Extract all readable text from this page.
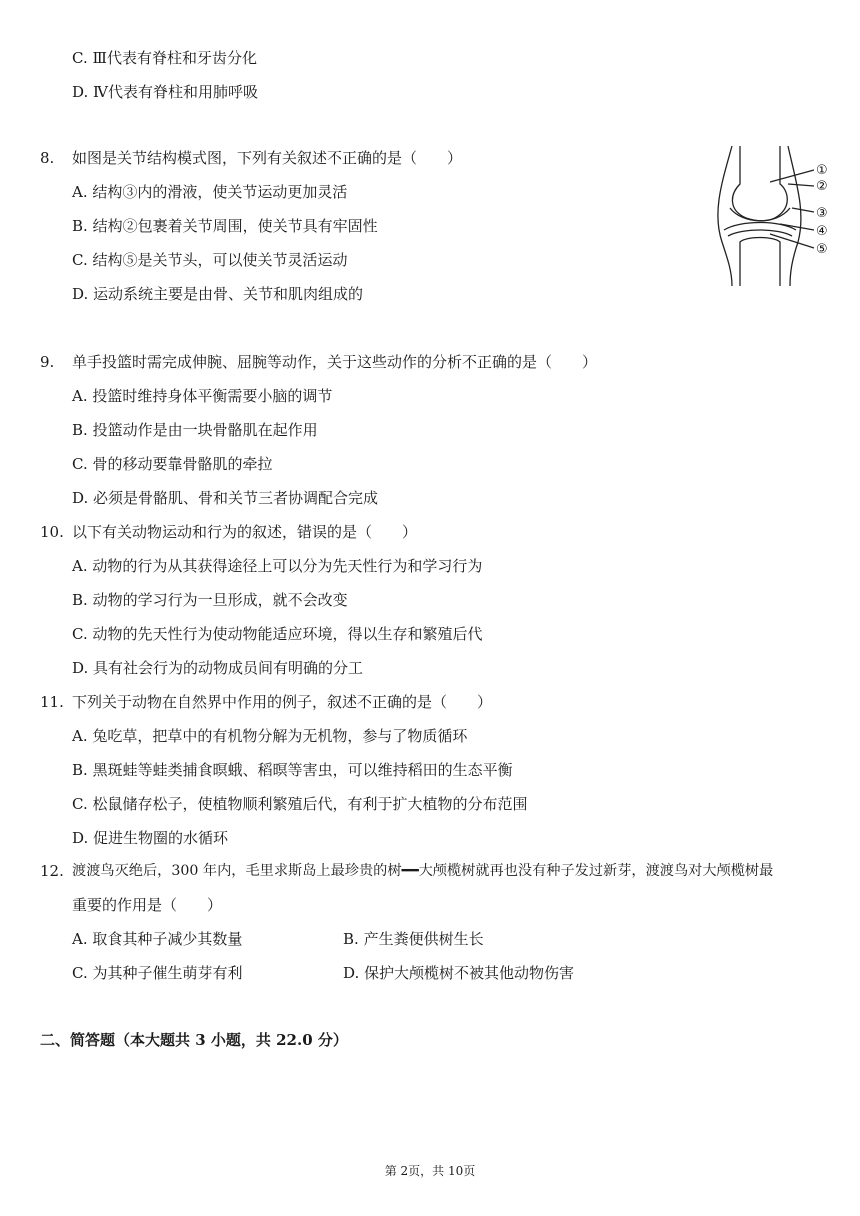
C. Ⅲ代表有脊柱和牙齿分化
D. Ⅳ代表有脊柱和用肺呼吸
8. 如图是关节结构模式图，下列有关叙述不正确的是（　　）
A. 结构③内的滑液，使关节运动更加灵活
B. 结构②包裹着关节周围，使关节具有牢固性
C. 结构⑤是关节头，可以使关节灵活运动
D. 运动系统主要是由骨、关节和肌肉组成的
①
②
③
④
⑤
9. 单手投篮时需完成伸腕、屈腕等动作，关于这些动作的分析不正确的是（　　）
A. 投篮时维持身体平衡需要小脑的调节
B. 投篮动作是由一块骨骼肌在起作用
C. 骨的移动要靠骨骼肌的牵拉
D. 必须是骨骼肌、骨和关节三者协调配合完成
10. 以下有关动物运动和行为的叙述，错误的是（　　）
A. 动物的行为从其获得途径上可以分为先天性行为和学习行为
B. 动物的学习行为一旦形成，就不会改变
C. 动物的先天性行为使动物能适应环境，得以生存和繁殖后代
D. 具有社会行为的动物成员间有明确的分工
11. 下列关于动物在自然界中作用的例子，叙述不正确的是（　　）
A. 兔吃草，把草中的有机物分解为无机物，参与了物质循环
B. 黑斑蛙等蛙类捕食暝蛾、稻暝等害虫，可以维持稻田的生态平衡
C. 松鼠储存松子，使植物顺利繁殖后代，有利于扩大植物的分布范围
D. 促进生物圈的水循环
12. 渡渡鸟灭绝后，300 年内，毛里求斯岛上最珍贵的树━━大颅榄树就再也没有种子发过新芽，渡渡鸟对大颅榄树最
重要的作用是（　　）
A. 取食其种子减少其数量	B. 产生粪便供树生长
C. 为其种子催生萌芽有利	D. 保护大颅榄树不被其他动物伤害
二、简答题（本大题共 3 小题，共 22.0 分）
第 2页，共 10页
